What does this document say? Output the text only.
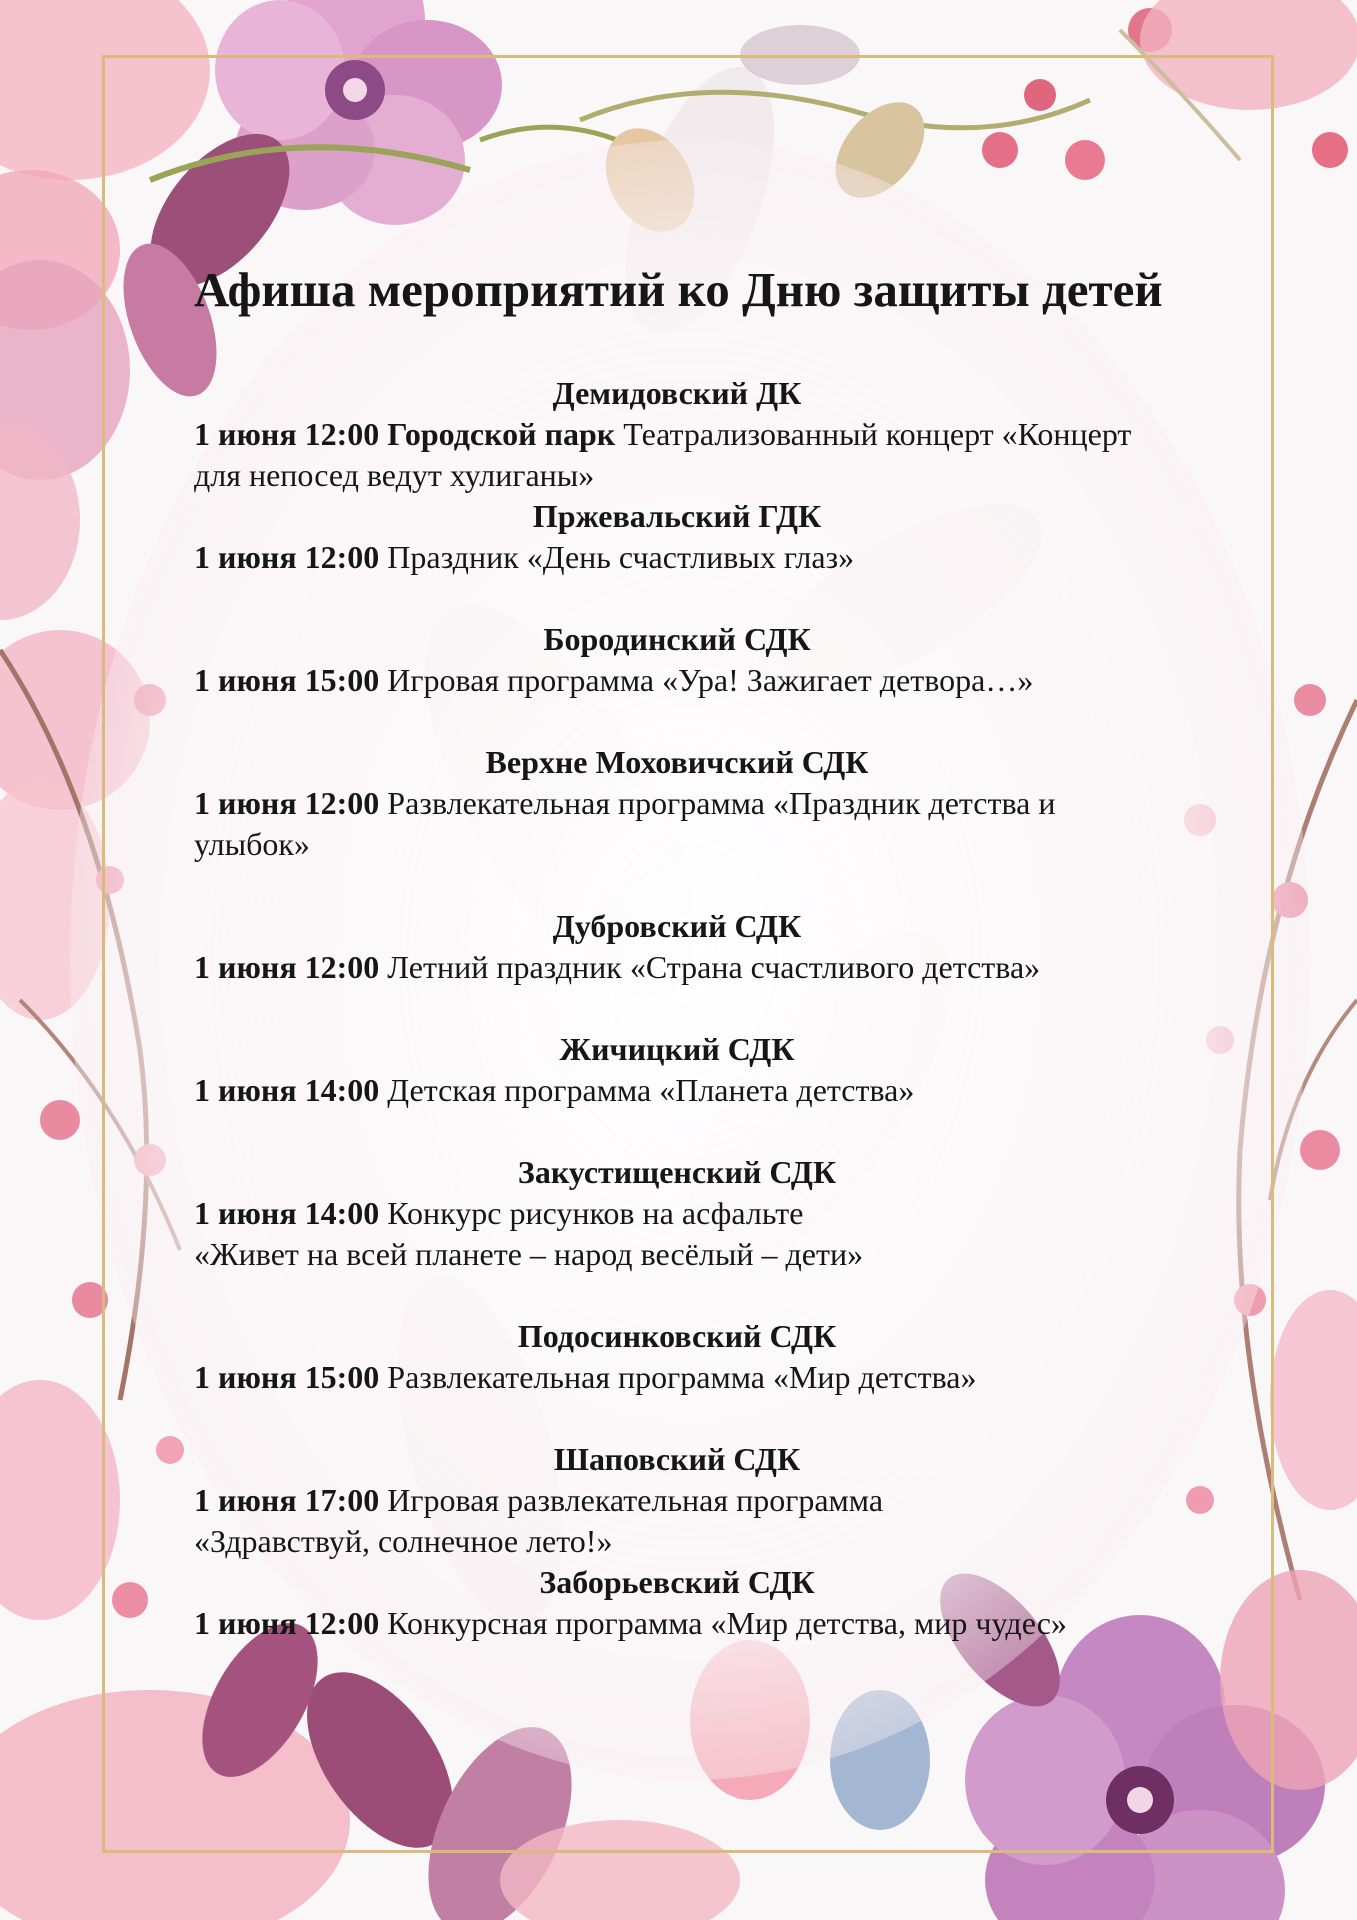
Афиша мероприятий ко Дню защиты детей
Демидовский ДК
1 июня 12:00 Городской парк Театрализованный концерт «Концерт
для непосед ведут хулиганы»
Пржевальский ГДК
1 июня 12:00 Праздник «День счастливых глаз»
Бородинский СДК
1 июня 15:00 Игровая программа «Ура! Зажигает детвора…»
Верхне Моховичский СДК
1 июня 12:00 Развлекательная программа «Праздник детства и
улыбок»
Дубровский СДК
1 июня 12:00 Летний праздник «Страна счастливого детства»
Жичицкий СДК
1 июня 14:00 Детская программа «Планета детства»
Закустищенский СДК
1 июня 14:00 Конкурс рисунков на асфальте
«Живет на всей планете – народ весёлый – дети»
Подосинковский СДК
1 июня 15:00 Развлекательная программа «Мир детства»
Шаповский СДК
1 июня 17:00 Игровая развлекательная программа
«Здравствуй, солнечное лето!»
Заборьевский СДК
1 июня 12:00 Конкурсная программа «Мир детства, мир чудес»
